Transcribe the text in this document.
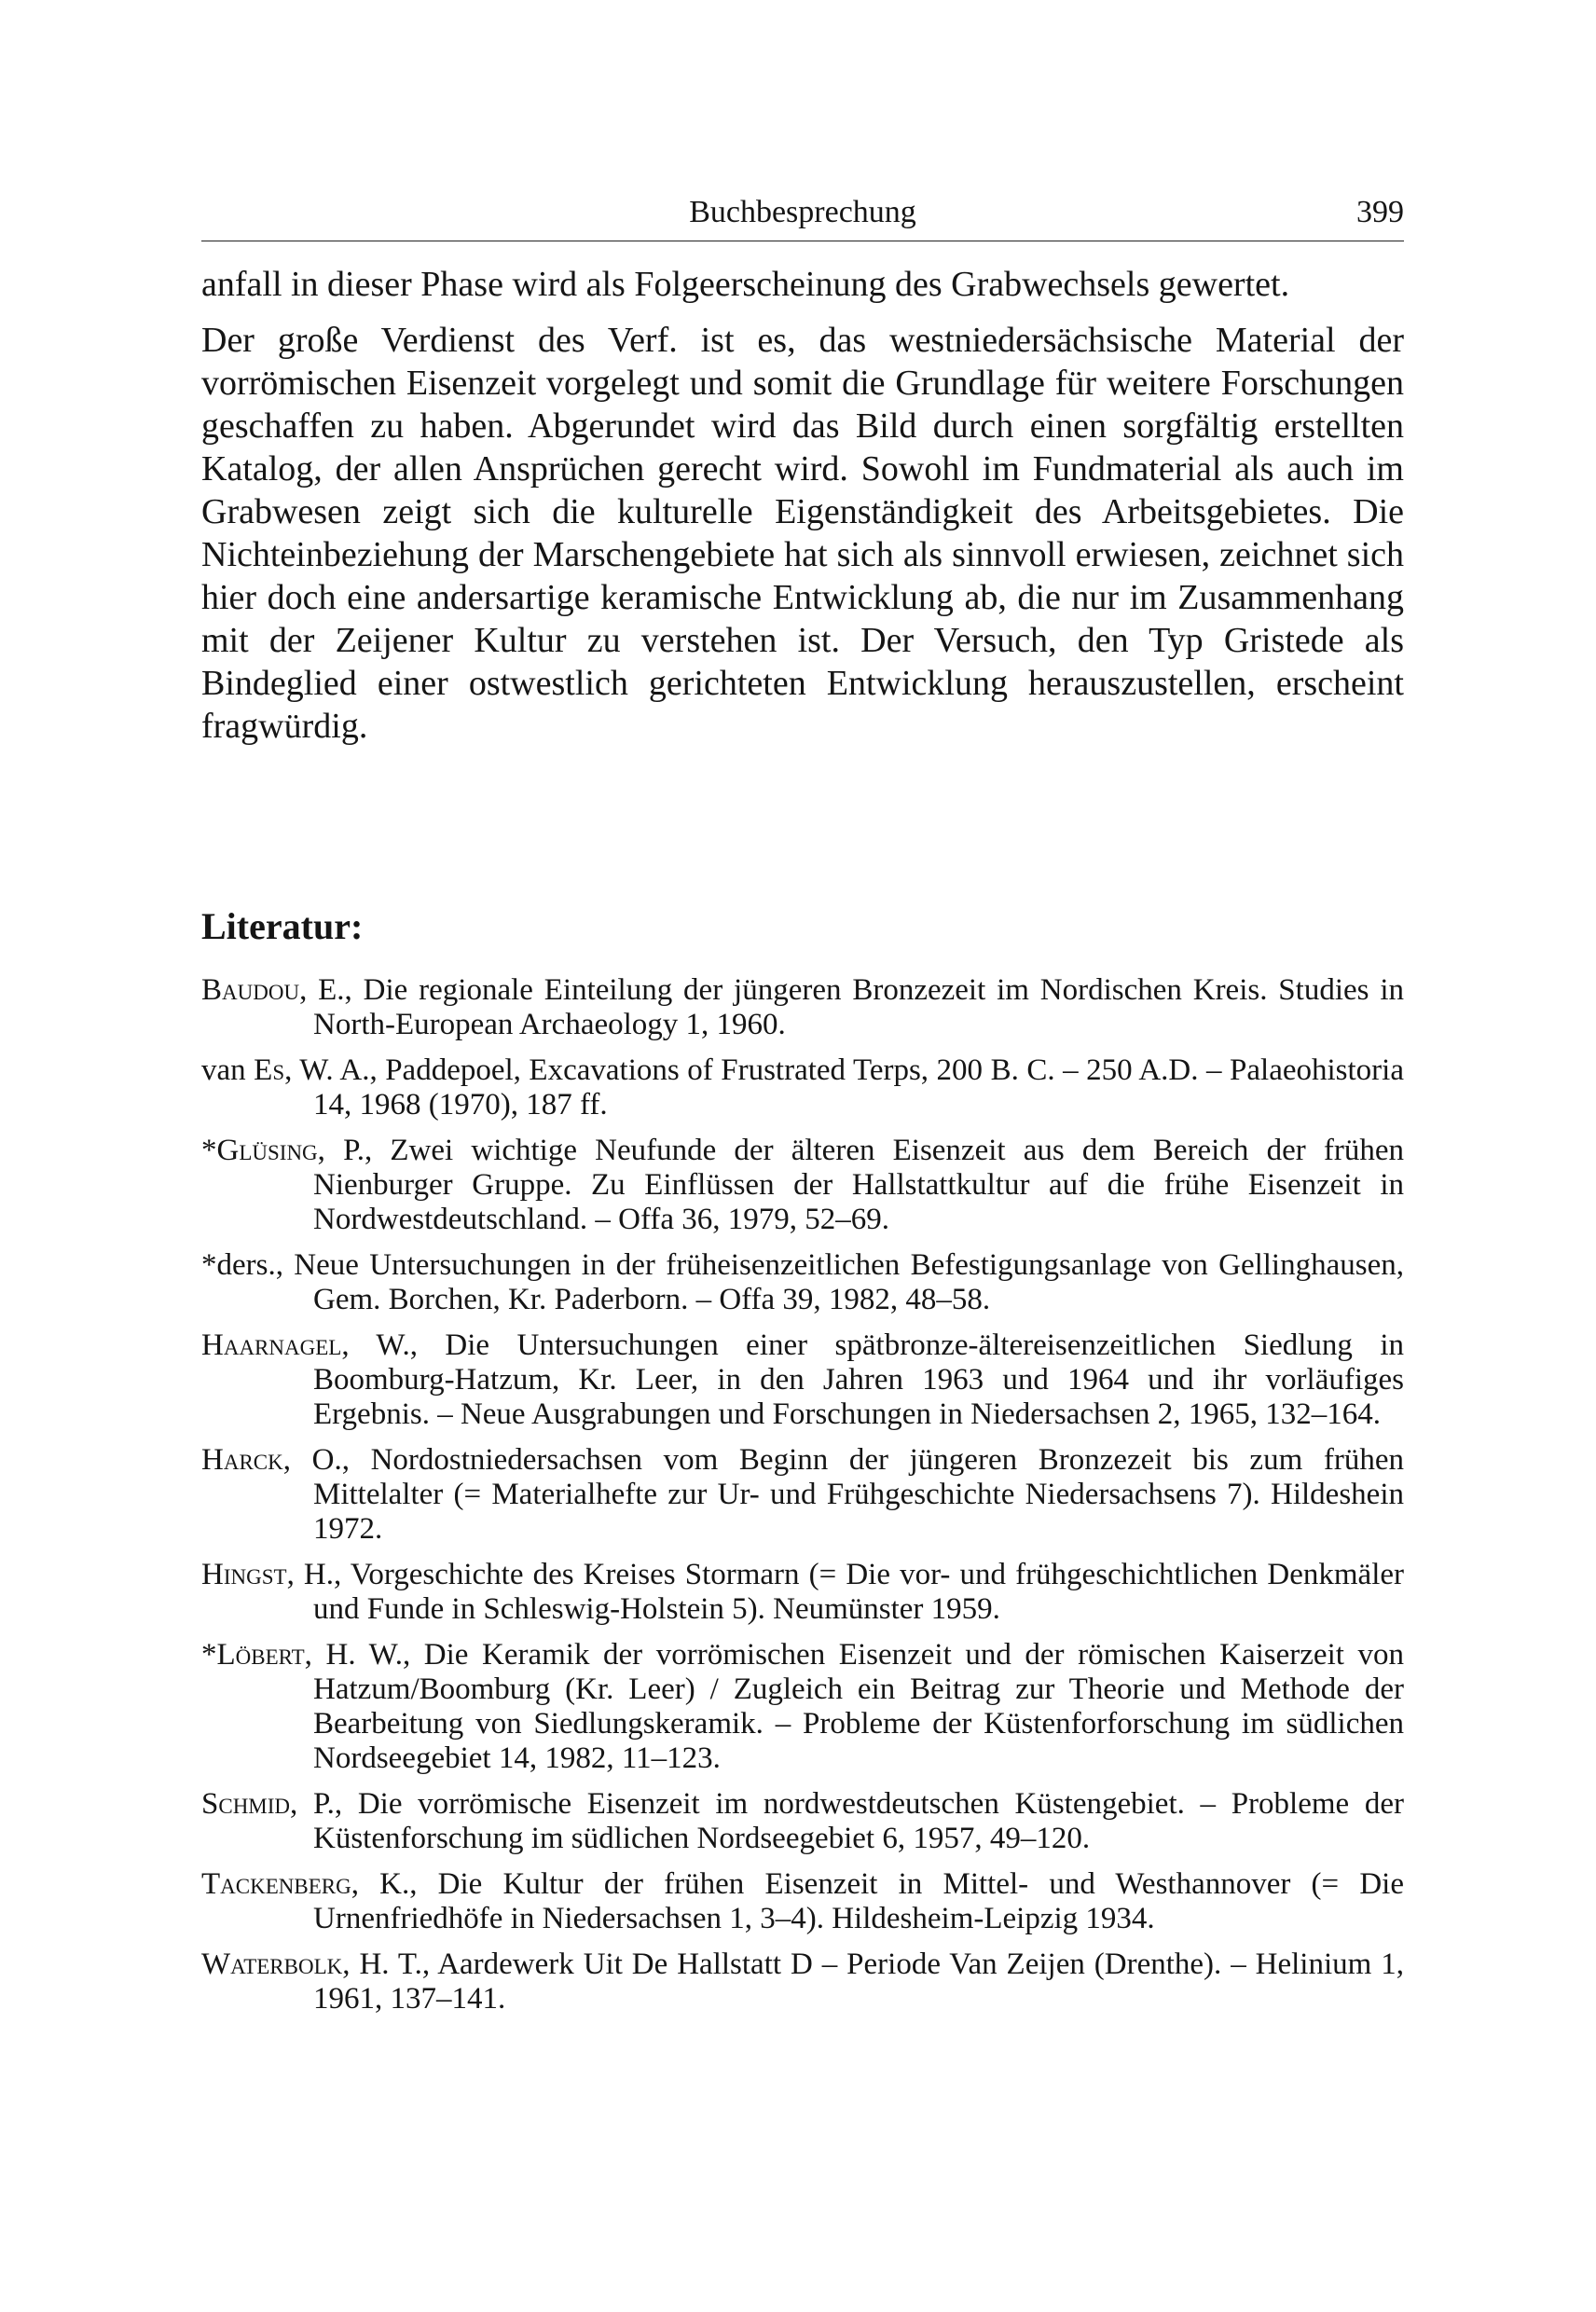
Buchbesprechung	399

anfall in dieser Phase wird als Folgeerscheinung des Grabwechsels gewertet.

Der große Verdienst des Verf. ist es, das westniedersächsische Material der vorrömischen Eisenzeit vorgelegt und somit die Grundlage für weitere Forschungen geschaffen zu haben. Abgerundet wird das Bild durch einen sorgfältig erstellten Katalog, der allen Ansprüchen gerecht wird. Sowohl im Fundmaterial als auch im Grabwesen zeigt sich die kulturelle Eigenständigkeit des Arbeitsgebietes. Die Nichteinbeziehung der Marschengebiete hat sich als sinnvoll erwiesen, zeichnet sich hier doch eine andersartige keramische Entwicklung ab, die nur im Zusammenhang mit der Zeijener Kultur zu verstehen ist. Der Versuch, den Typ Gristede als Bindeglied einer ostwestlich gerichteten Entwicklung herauszustellen, erscheint fragwürdig.

Literatur:

Baudou, E., Die regionale Einteilung der jüngeren Bronzezeit im Nordischen Kreis. Studies in North-European Archaeology 1, 1960.

van Es, W. A., Paddepoel, Excavations of Frustrated Terps, 200 B. C. – 250 A.D. – Palaeohistoria 14, 1968 (1970), 187 ff.

*Glüsing, P., Zwei wichtige Neufunde der älteren Eisenzeit aus dem Bereich der frühen Nienburger Gruppe. Zu Einflüssen der Hallstattkultur auf die frühe Eisenzeit in Nordwestdeutschland. – Offa 36, 1979, 52–69.

*ders., Neue Untersuchungen in der früheisenzeitlichen Befestigungsanlage von Gellinghausen, Gem. Borchen, Kr. Paderborn. – Offa 39, 1982, 48–58.

Haarnagel, W., Die Untersuchungen einer spätbronze-ältereisenzeitlichen Siedlung in Boomburg-Hatzum, Kr. Leer, in den Jahren 1963 und 1964 und ihr vorläufiges Ergebnis. – Neue Ausgrabungen und Forschungen in Niedersachsen 2, 1965, 132–164.

Harck, O., Nordostniedersachsen vom Beginn der jüngeren Bronzezeit bis zum frühen Mittelalter (= Materialhefte zur Ur- und Frühgeschichte Niedersachsens 7). Hildeshein 1972.

Hingst, H., Vorgeschichte des Kreises Stormarn (= Die vor- und frühgeschichtlichen Denkmäler und Funde in Schleswig-Holstein 5). Neumünster 1959.

*Löbert, H. W., Die Keramik der vorrömischen Eisenzeit und der römischen Kaiserzeit von Hatzum/Boomburg (Kr. Leer) / Zugleich ein Beitrag zur Theorie und Methode der Bearbeitung von Siedlungskeramik. – Probleme der Küstenforforschung im südlichen Nordseegebiet 14, 1982, 11–123.

Schmid, P., Die vorrömische Eisenzeit im nordwestdeutschen Küstengebiet. – Probleme der Küstenforschung im südlichen Nordseegebiet 6, 1957, 49–120.

Tackenberg, K., Die Kultur der frühen Eisenzeit in Mittel- und Westhannover (= Die Urnenfriedhöfe in Niedersachsen 1, 3–4). Hildesheim-Leipzig 1934.

Waterbolk, H. T., Aardewerk Uit De Hallstatt D – Periode Van Zeijen (Drenthe). – Helinium 1, 1961, 137–141.
